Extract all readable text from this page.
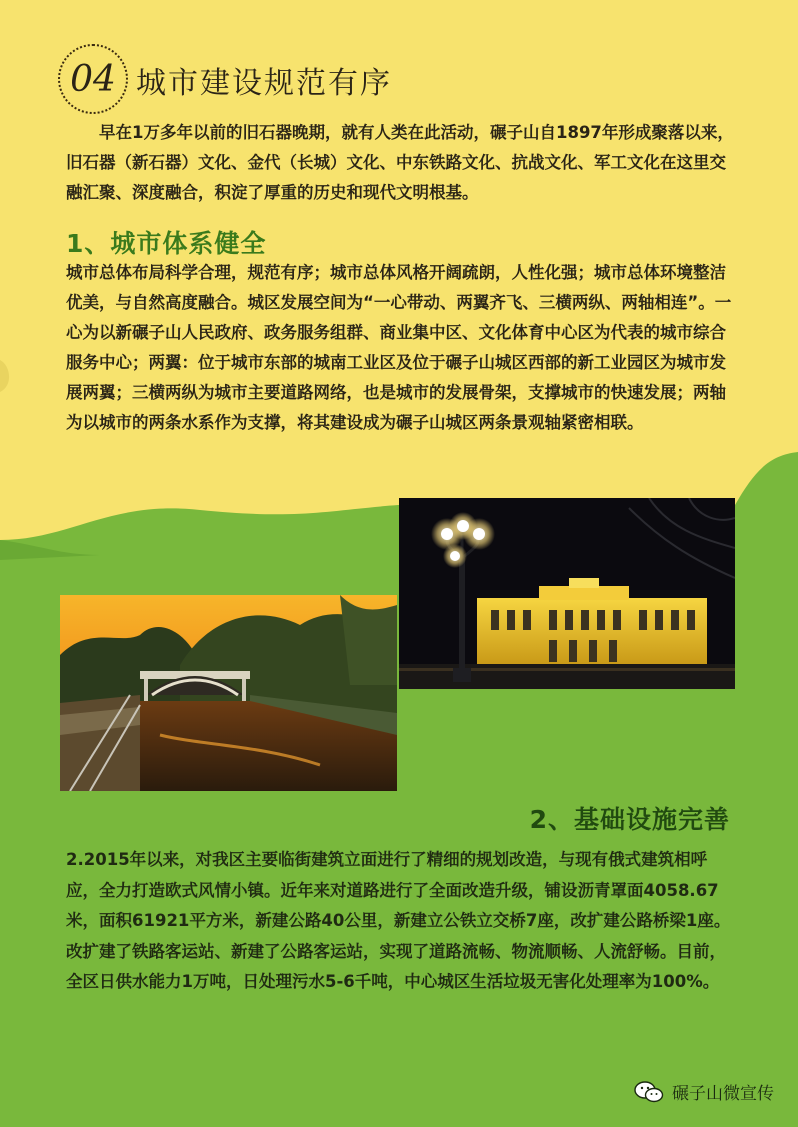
04 城市建设规范有序

早在1万多年以前的旧石器晚期，就有人类在此活动，碾子山自1897年形成聚落以来，旧石器（新石器）文化、金代（长城）文化、中东铁路文化、抗战文化、军工文化在这里交融汇聚、深度融合，积淀了厚重的历史和现代文明根基。

1、城市体系健全

城市总体布局科学合理，规范有序；城市总体风格开阔疏朗，人性化强；城市总体环境整洁优美，与自然高度融合。城区发展空间为“一心带动、两翼齐飞、三横两纵、两轴相连”。一心为以新碾子山人民政府、政务服务组群、商业集中区、文化体育中心区为代表的城市综合服务中心；两翼：位于城市东部的城南工业区及位于碾子山城区西部的新工业园区为城市发展两翼；三横两纵为城市主要道路网络，也是城市的发展骨架，支撑城市的快速发展；两轴为以城市的两条水系作为支撑，将其建设成为碾子山城区两条景观轴紧密相联。

2、基础设施完善

2.2015年以来，对我区主要临街建筑立面进行了精细的规划改造，与现有俄式建筑相呼应，全力打造欧式风情小镇。近年来对道路进行了全面改造升级，铺设沥青罩面4058.67米，面积61921平方米，新建公路40公里，新建立公铁立交桥7座，改扩建公路桥梁1座。改扩建了铁路客运站、新建了公路客运站，实现了道路流畅、物流顺畅、人流舒畅。目前，全区日供水能力1万吨，日处理污水5-6千吨，中心城区生活垃圾无害化处理率为100%。

碾子山微宣传
